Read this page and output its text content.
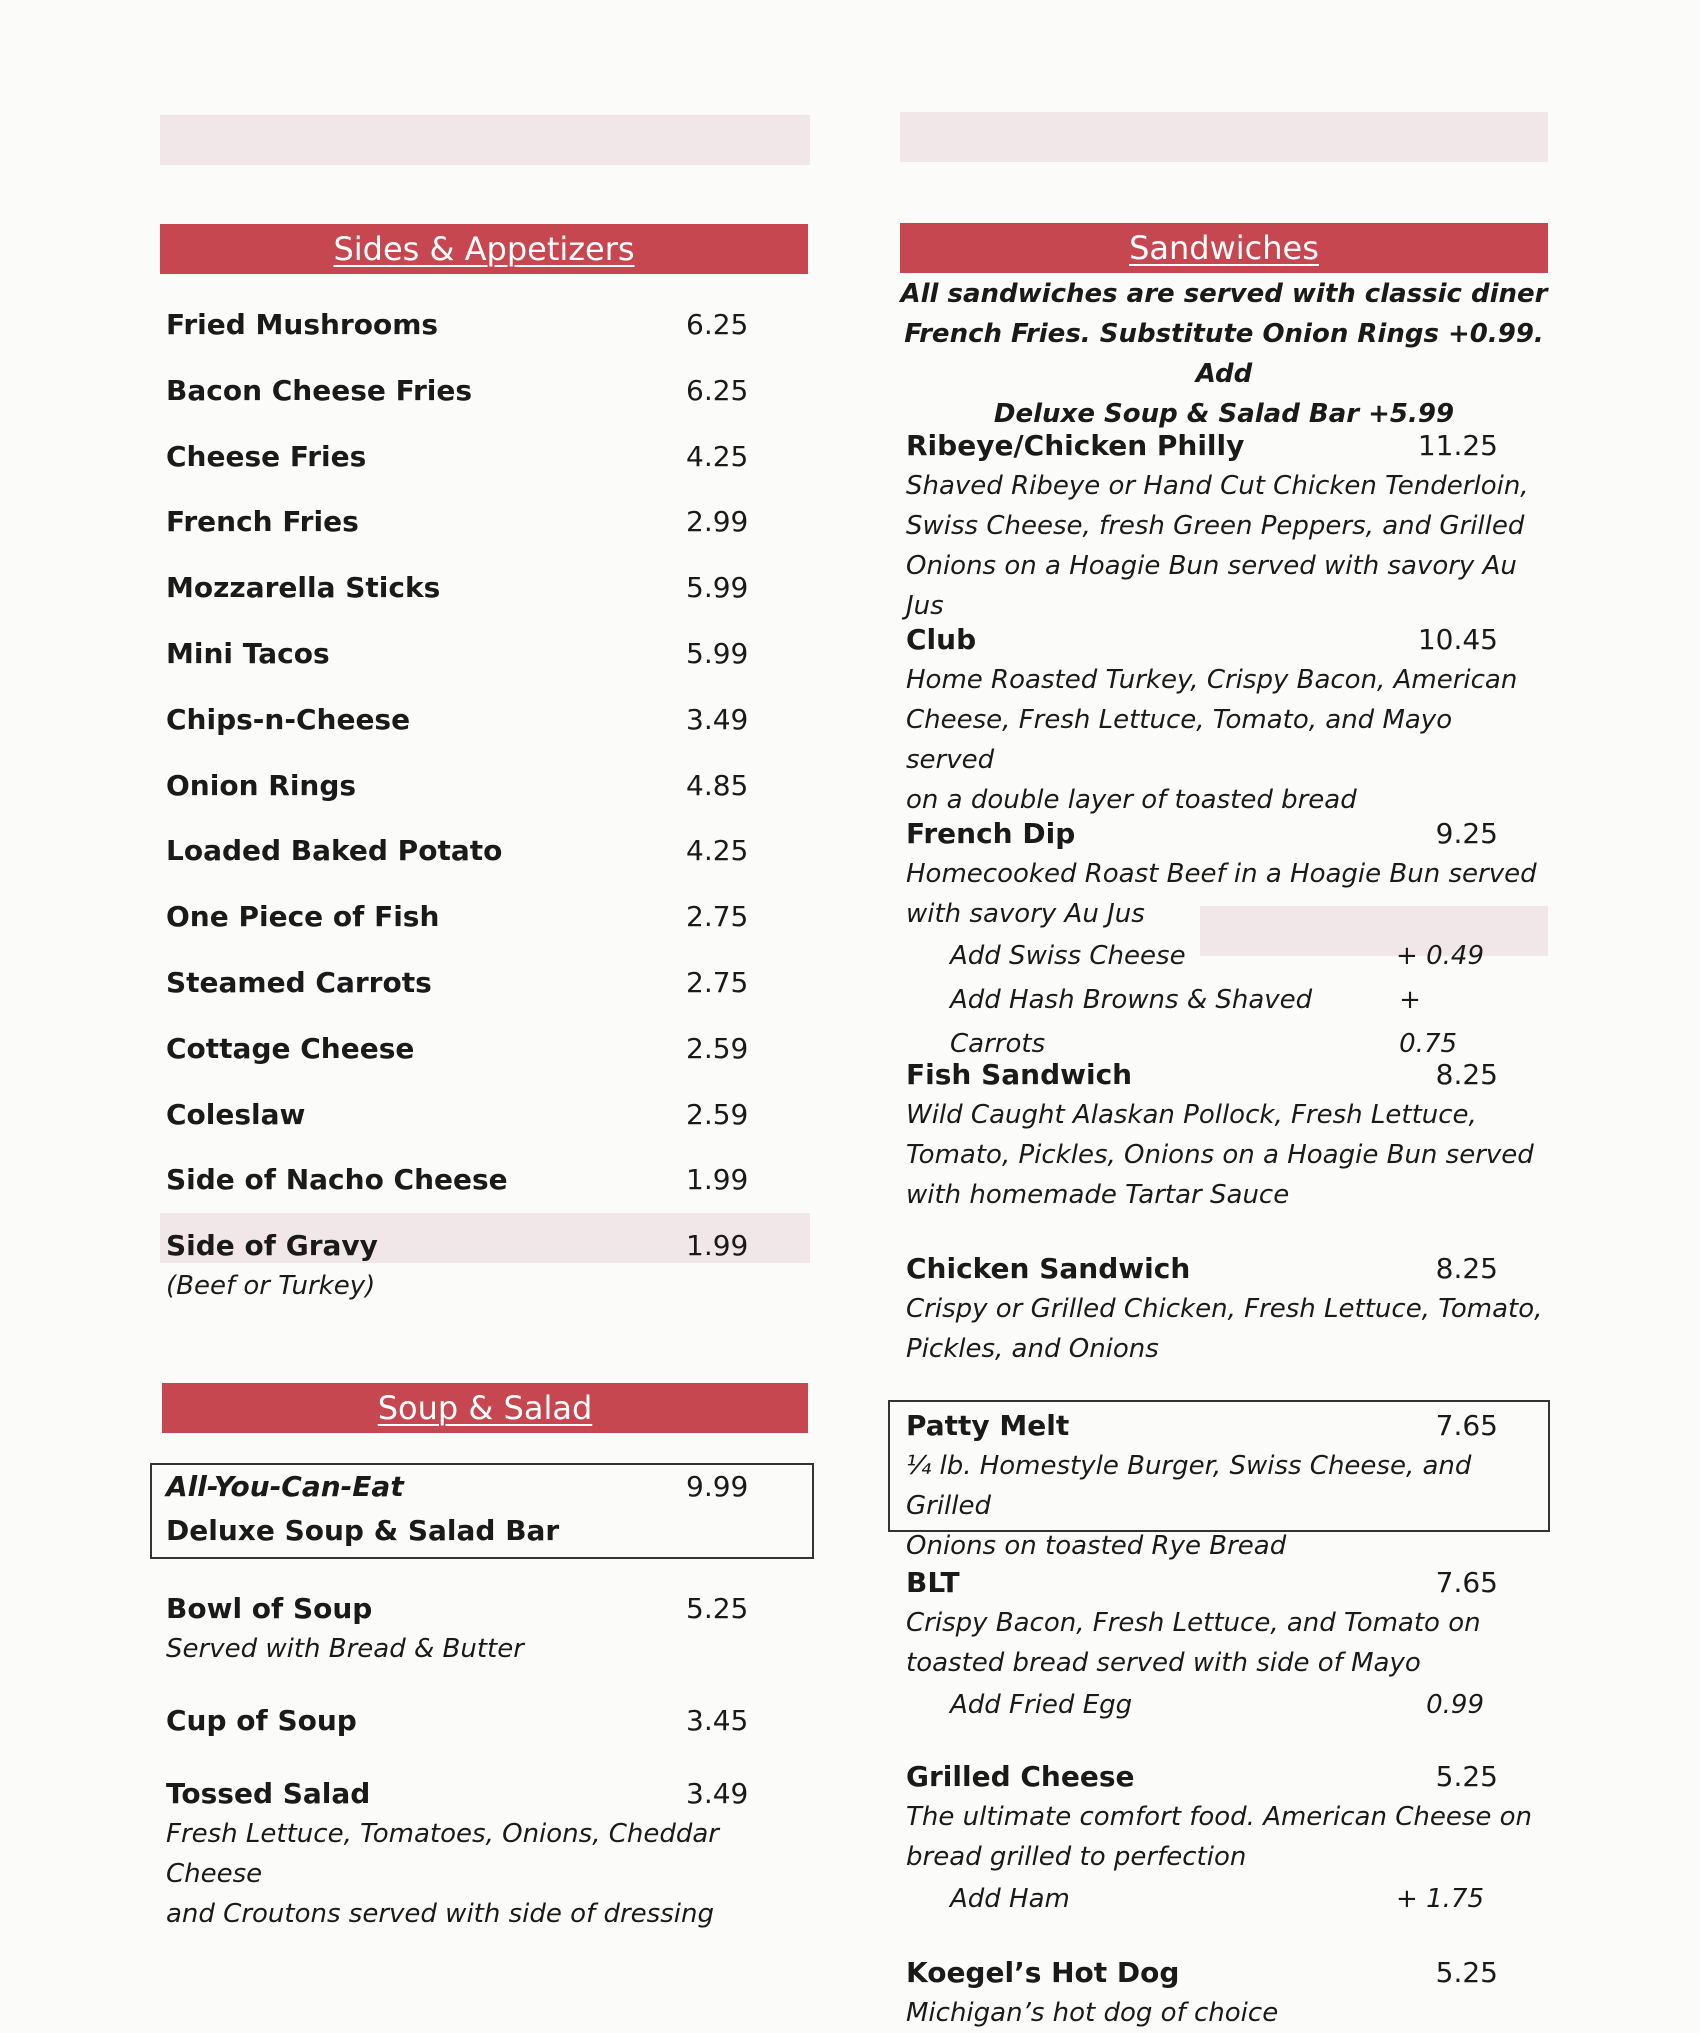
Sides & Appetizers
Fried Mushrooms	6.25
Bacon Cheese Fries	6.25
Cheese Fries	4.25
French Fries	2.99
Mozzarella Sticks	5.99
Mini Tacos	5.99
Chips-n-Cheese	3.49
Onion Rings	4.85
Loaded Baked Potato	4.25
One Piece of Fish	2.75
Steamed Carrots	2.75
Cottage Cheese	2.59
Coleslaw	2.59
Side of Nacho Cheese	1.99
Side of Gravy	1.99
(Beef or Turkey)
Soup & Salad
All-You-Can-Eat	9.99
Deluxe Soup & Salad Bar
Bowl of Soup	5.25
Served with Bread & Butter
Cup of Soup	3.45
Tossed Salad	3.49
Fresh Lettuce, Tomatoes, Onions, Cheddar Cheese
and Croutons served with side of dressing
Sandwiches
All sandwiches are served with classic diner
French Fries. Substitute Onion Rings +0.99. Add
Deluxe Soup & Salad Bar +5.99
Ribeye/Chicken Philly	11.25
Shaved Ribeye or Hand Cut Chicken Tenderloin,
Swiss Cheese, fresh Green Peppers, and Grilled
Onions on a Hoagie Bun served with savory Au Jus
Club	10.45
Home Roasted Turkey, Crispy Bacon, American
Cheese, Fresh Lettuce, Tomato, and Mayo served
on a double layer of toasted bread
French Dip	9.25
Homecooked Roast Beef in a Hoagie Bun served
with savory Au Jus
Add Swiss Cheese	+ 0.49
Add Hash Browns & Shaved Carrots
+ 0.75
Fish Sandwich	8.25
Wild Caught Alaskan Pollock, Fresh Lettuce,
Tomato, Pickles, Onions on a Hoagie Bun served
with homemade Tartar Sauce
Chicken Sandwich	8.25
Crispy or Grilled Chicken, Fresh Lettuce, Tomato,
Pickles, and Onions
Patty Melt	7.65
¼ lb. Homestyle Burger, Swiss Cheese, and Grilled
Onions on toasted Rye Bread
BLT	7.65
Crispy Bacon, Fresh Lettuce, and Tomato on
toasted bread served with side of Mayo
Add Fried Egg	0.99
Grilled Cheese	5.25
The ultimate comfort food. American Cheese on
bread grilled to perfection
Add Ham	+ 1.75
Koegel’s Hot Dog	5.25
Michigan’s hot dog of choice
